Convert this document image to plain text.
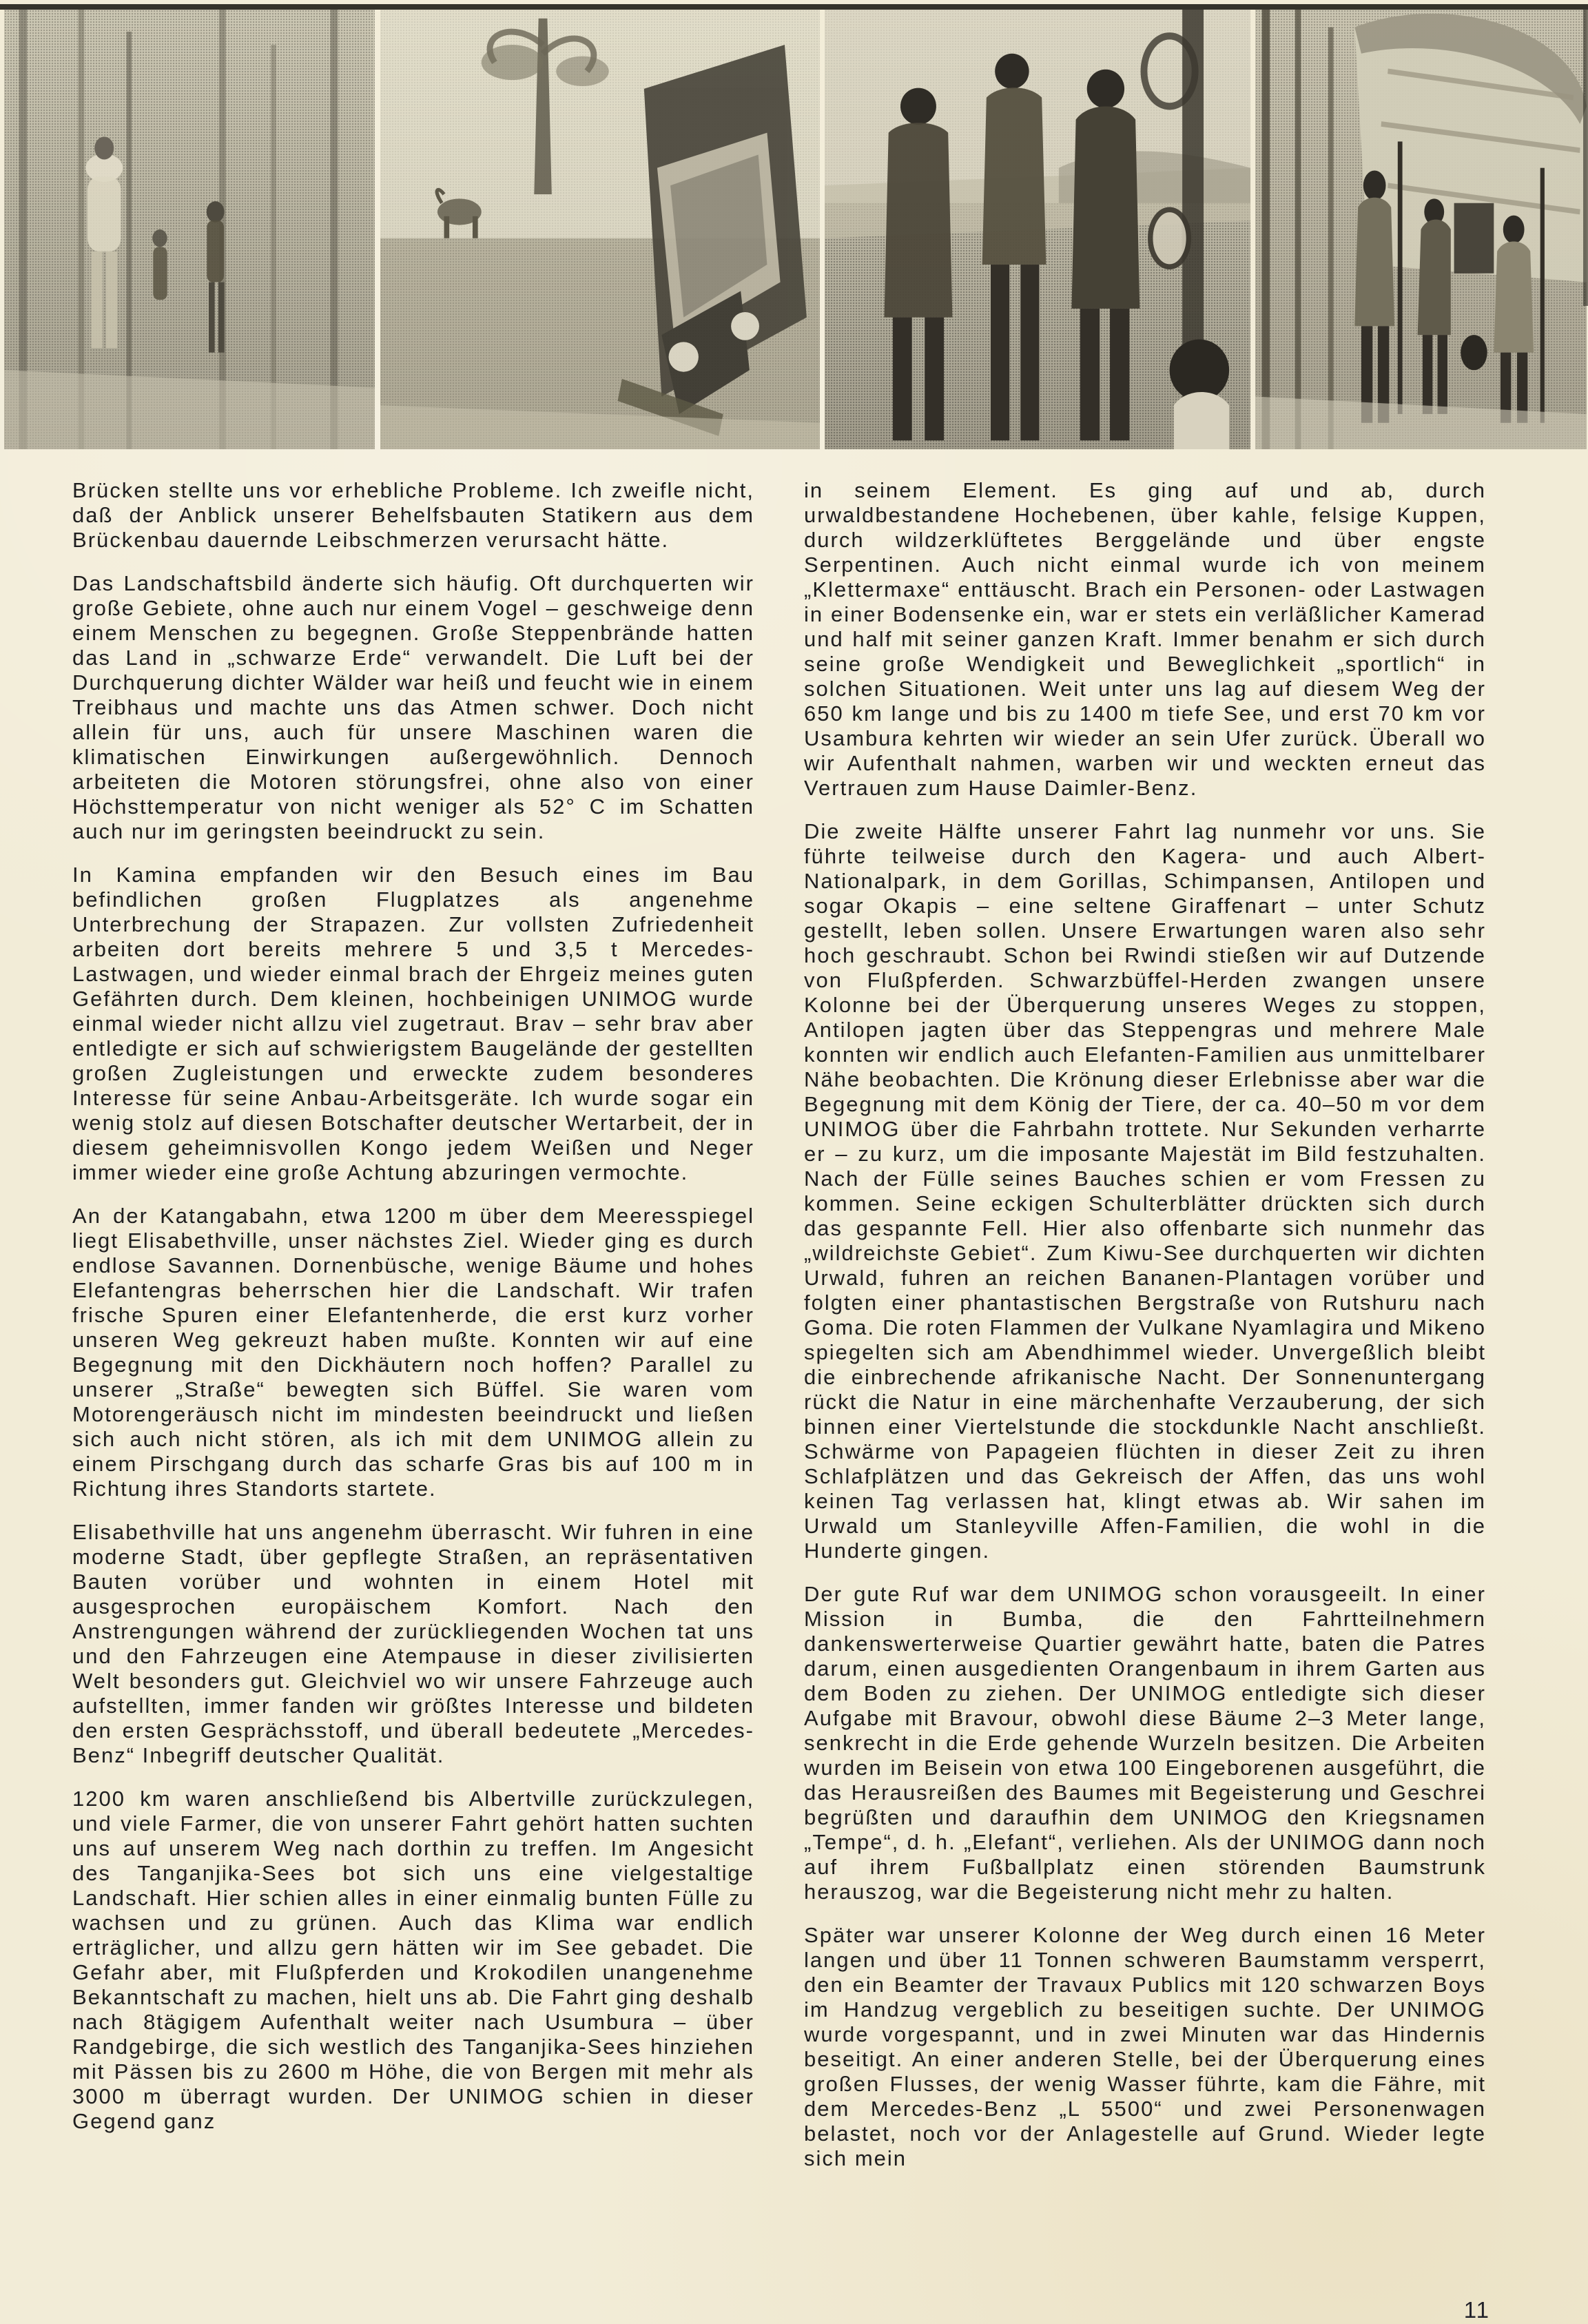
Brücken stellte uns vor erhebliche Probleme. Ich zweifle nicht, daß der Anblick unserer Behelfsbauten Statikern aus dem Brückenbau dauernde Leibschmerzen verursacht hätte.

Das Landschaftsbild änderte sich häufig. Oft durchquerten wir große Gebiete, ohne auch nur einem Vogel – geschweige denn einem Menschen zu begegnen. Große Steppenbrände hatten das Land in „schwarze Erde“ verwandelt. Die Luft bei der Durchquerung dichter Wälder war heiß und feucht wie in einem Treibhaus und machte uns das Atmen schwer. Doch nicht allein für uns, auch für unsere Maschinen waren die klimatischen Einwirkungen außergewöhnlich. Dennoch arbeiteten die Motoren störungsfrei, ohne also von einer Höchsttemperatur von nicht weniger als 52° C im Schatten auch nur im geringsten beeindruckt zu sein.

In Kamina empfanden wir den Besuch eines im Bau befindlichen großen Flugplatzes als angenehme Unterbrechung der Strapazen. Zur vollsten Zufriedenheit arbeiten dort bereits mehrere 5 und 3,5 t Mercedes-Lastwagen, und wieder einmal brach der Ehrgeiz meines guten Gefährten durch. Dem kleinen, hochbeinigen UNIMOG wurde einmal wieder nicht allzu viel zugetraut. Brav – sehr brav aber entledigte er sich auf schwierigstem Baugelände der gestellten großen Zugleistungen und erweckte zudem besonderes Interesse für seine Anbau-Arbeitsgeräte. Ich wurde sogar ein wenig stolz auf diesen Botschafter deutscher Wertarbeit, der in diesem geheimnisvollen Kongo jedem Weißen und Neger immer wieder eine große Achtung abzuringen vermochte.

An der Katangabahn, etwa 1200 m über dem Meeresspiegel liegt Elisabethville, unser nächstes Ziel. Wieder ging es durch endlose Savannen. Dornenbüsche, wenige Bäume und hohes Elefantengras beherrschen hier die Landschaft. Wir trafen frische Spuren einer Elefantenherde, die erst kurz vorher unseren Weg gekreuzt haben mußte. Konnten wir auf eine Begegnung mit den Dickhäutern noch hoffen? Parallel zu unserer „Straße“ bewegten sich Büffel. Sie waren vom Motorengeräusch nicht im mindesten beeindruckt und ließen sich auch nicht stören, als ich mit dem UNIMOG allein zu einem Pirschgang durch das scharfe Gras bis auf 100 m in Richtung ihres Standorts startete.

Elisabethville hat uns angenehm überrascht. Wir fuhren in eine moderne Stadt, über gepflegte Straßen, an repräsentativen Bauten vorüber und wohnten in einem Hotel mit ausgesprochen europäischem Komfort. Nach den Anstrengungen während der zurückliegenden Wochen tat uns und den Fahrzeugen eine Atempause in dieser zivilisierten Welt besonders gut. Gleichviel wo wir unsere Fahrzeuge auch aufstellten, immer fanden wir größtes Interesse und bildeten den ersten Gesprächsstoff, und überall bedeutete „Mercedes-Benz“ Inbegriff deutscher Qualität.

1200 km waren anschließend bis Albertville zurückzulegen, und viele Farmer, die von unserer Fahrt gehört hatten suchten uns auf unserem Weg nach dorthin zu treffen. Im Angesicht des Tanganjika-Sees bot sich uns eine vielgestaltige Landschaft. Hier schien alles in einer einmalig bunten Fülle zu wachsen und zu grünen. Auch das Klima war endlich erträglicher, und allzu gern hätten wir im See gebadet. Die Gefahr aber, mit Flußpferden und Krokodilen unangenehme Bekanntschaft zu machen, hielt uns ab. Die Fahrt ging deshalb nach 8tägigem Aufenthalt weiter nach Usumbura – über Randgebirge, die sich westlich des Tanganjika-Sees hinziehen mit Pässen bis zu 2600 m Höhe, die von Bergen mit mehr als 3000 m überragt wurden. Der UNIMOG schien in dieser Gegend ganz

in seinem Element. Es ging auf und ab, durch urwaldbestandene Hochebenen, über kahle, felsige Kuppen, durch wildzerklüftetes Berggelände und über engste Serpentinen. Auch nicht einmal wurde ich von meinem „Klettermaxe“ enttäuscht. Brach ein Personen- oder Lastwagen in einer Bodensenke ein, war er stets ein verläßlicher Kamerad und half mit seiner ganzen Kraft. Immer benahm er sich durch seine große Wendigkeit und Beweglichkeit „sportlich“ in solchen Situationen. Weit unter uns lag auf diesem Weg der 650 km lange und bis zu 1400 m tiefe See, und erst 70 km vor Usambura kehrten wir wieder an sein Ufer zurück. Überall wo wir Aufenthalt nahmen, warben wir und weckten erneut das Vertrauen zum Hause Daimler-Benz.

Die zweite Hälfte unserer Fahrt lag nunmehr vor uns. Sie führte teilweise durch den Kagera- und auch Albert-Nationalpark, in dem Gorillas, Schimpansen, Antilopen und sogar Okapis – eine seltene Giraffenart – unter Schutz gestellt, leben sollen. Unsere Erwartungen waren also sehr hoch geschraubt. Schon bei Rwindi stießen wir auf Dutzende von Flußpferden. Schwarzbüffel-Herden zwangen unsere Kolonne bei der Überquerung unseres Weges zu stoppen, Antilopen jagten über das Steppengras und mehrere Male konnten wir endlich auch Elefanten-Familien aus unmittelbarer Nähe beobachten. Die Krönung dieser Erlebnisse aber war die Begegnung mit dem König der Tiere, der ca. 40–50 m vor dem UNIMOG über die Fahrbahn trottete. Nur Sekunden verharrte er – zu kurz, um die imposante Majestät im Bild festzuhalten. Nach der Fülle seines Bauches schien er vom Fressen zu kommen. Seine eckigen Schulterblätter drückten sich durch das gespannte Fell. Hier also offenbarte sich nunmehr das „wildreichste Gebiet“. Zum Kiwu-See durchquerten wir dichten Urwald, fuhren an reichen Bananen-Plantagen vorüber und folgten einer phantastischen Bergstraße von Rutshuru nach Goma. Die roten Flammen der Vulkane Nyamlagira und Mikeno spiegelten sich am Abendhimmel wieder. Unvergeßlich bleibt die einbrechende afrikanische Nacht. Der Sonnenuntergang rückt die Natur in eine märchenhafte Verzauberung, der sich binnen einer Viertelstunde die stockdunkle Nacht anschließt. Schwärme von Papageien flüchten in dieser Zeit zu ihren Schlafplätzen und das Gekreisch der Affen, das uns wohl keinen Tag verlassen hat, klingt etwas ab. Wir sahen im Urwald um Stanleyville Affen-Familien, die wohl in die Hunderte gingen.

Der gute Ruf war dem UNIMOG schon vorausgeeilt. In einer Mission in Bumba, die den Fahrtteilnehmern dankenswerterweise Quartier gewährt hatte, baten die Patres darum, einen ausgedienten Orangenbaum in ihrem Garten aus dem Boden zu ziehen. Der UNIMOG entledigte sich dieser Aufgabe mit Bravour, obwohl diese Bäume 2–3 Meter lange, senkrecht in die Erde gehende Wurzeln besitzen. Die Arbeiten wurden im Beisein von etwa 100 Eingeborenen ausgeführt, die das Herausreißen des Baumes mit Begeisterung und Geschrei begrüßten und daraufhin dem UNIMOG den Kriegsnamen „Tempe“, d. h. „Elefant“, verliehen. Als der UNIMOG dann noch auf ihrem Fußballplatz einen störenden Baumstrunk herauszog, war die Begeisterung nicht mehr zu halten.

Später war unserer Kolonne der Weg durch einen 16 Meter langen und über 11 Tonnen schweren Baumstamm versperrt, den ein Beamter der Travaux Publics mit 120 schwarzen Boys im Handzug vergeblich zu beseitigen suchte. Der UNIMOG wurde vorgespannt, und in zwei Minuten war das Hindernis beseitigt. An einer anderen Stelle, bei der Überquerung eines großen Flusses, der wenig Wasser führte, kam die Fähre, mit dem Mercedes-Benz „L 5500“ und zwei Personenwagen belastet, noch vor der Anlagestelle auf Grund. Wieder legte sich mein

11
